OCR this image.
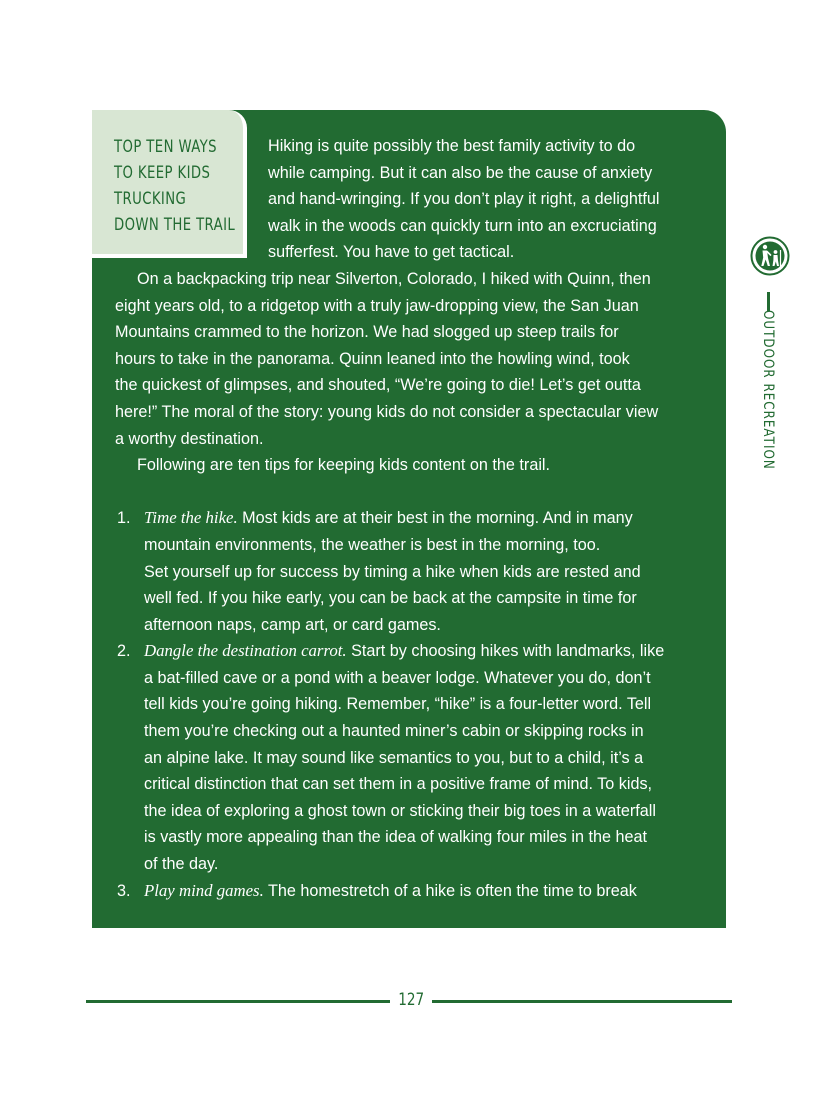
TOP TEN WAYS
TO KEEP KIDS
TRUCKING
DOWN THE TRAIL
Hiking is quite possibly the best family activity to do
while camping. But it can also be the cause of anxiety
and hand-wringing. If you don’t play it right, a delightful
walk in the woods can quickly turn into an excruciating
sufferfest. You have to get tactical.
On a backpacking trip near Silverton, Colorado, I hiked with Quinn, then
eight years old, to a ridgetop with a truly jaw-dropping view, the San Juan
Mountains crammed to the horizon. We had slogged up steep trails for
hours to take in the panorama. Quinn leaned into the howling wind, took
the quickest of glimpses, and shouted, “We’re going to die! Let’s get outta
here!” The moral of the story: young kids do not consider a spectacular view
a worthy destination.
Following are ten tips for keeping kids content on the trail.
1. Time the hike. Most kids are at their best in the morning. And in many
mountain environments, the weather is best in the morning, too.
Set yourself up for success by timing a hike when kids are rested and
well fed. If you hike early, you can be back at the campsite in time for
afternoon naps, camp art, or card games.
2. Dangle the destination carrot. Start by choosing hikes with landmarks, like
a bat-filled cave or a pond with a beaver lodge. Whatever you do, don’t
tell kids you’re going hiking. Remember, “hike” is a four-letter word. Tell
them you’re checking out a haunted miner’s cabin or skipping rocks in
an alpine lake. It may sound like semantics to you, but to a child, it’s a
critical distinction that can set them in a positive frame of mind. To kids,
the idea of exploring a ghost town or sticking their big toes in a waterfall
is vastly more appealing than the idea of walking four miles in the heat
of the day.
3. Play mind games. The homestretch of a hike is often the time to break
OUTDOOR RECREATION
127
